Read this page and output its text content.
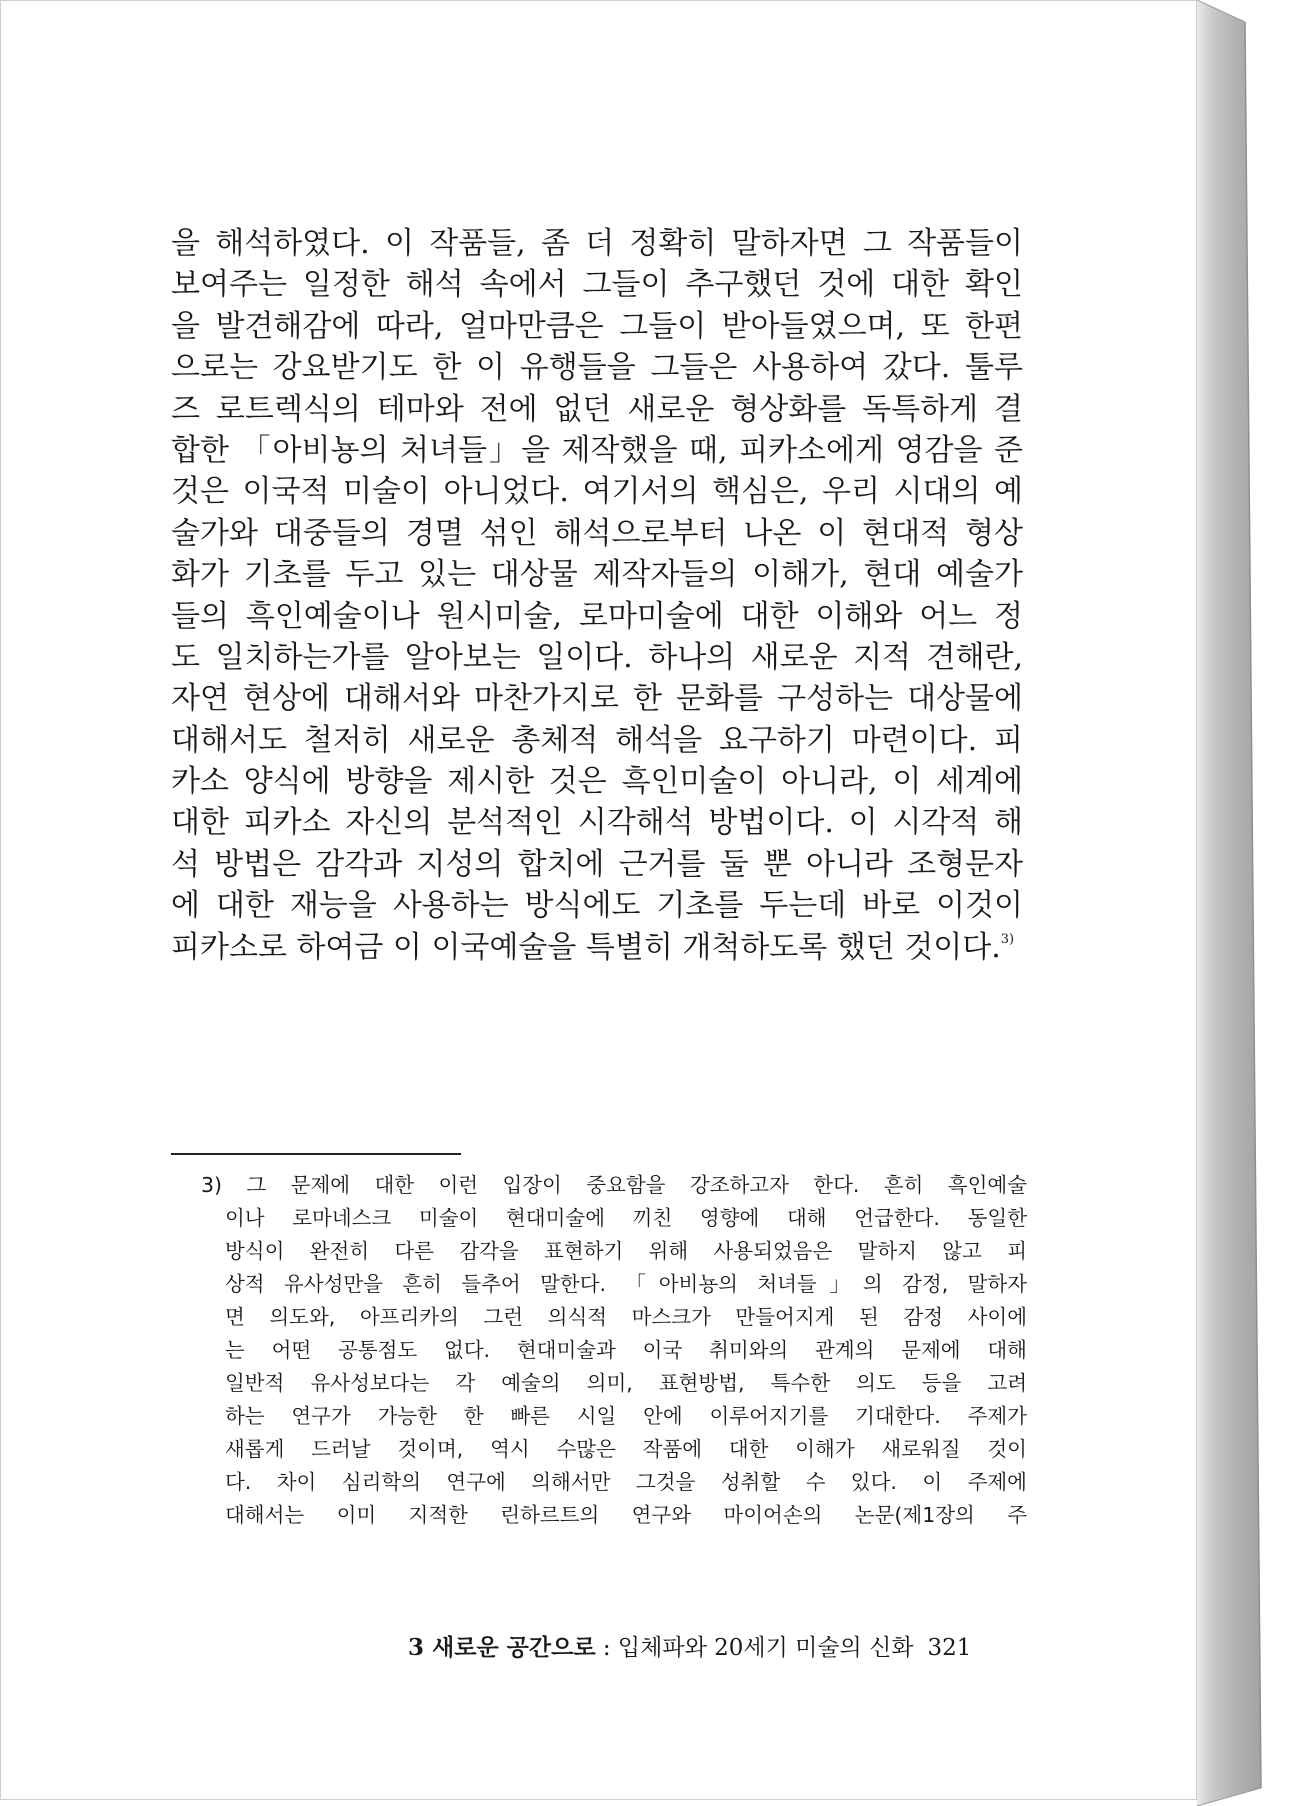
을 해석하였다. 이 작품들, 좀 더 정확히 말하자면 그 작품들이
보여주는 일정한 해석 속에서 그들이 추구했던 것에 대한 확인
을 발견해감에 따라, 얼마만큼은 그들이 받아들였으며, 또 한편
으로는 강요받기도 한 이 유행들을 그들은 사용하여 갔다. 툴루
즈 로트렉식의 테마와 전에 없던 새로운 형상화를 독특하게 결
합한 「아비뇽의 처녀들」을 제작했을 때, 피카소에게 영감을 준
것은 이국적 미술이 아니었다. 여기서의 핵심은, 우리 시대의 예
술가와 대중들의 경멸 섞인 해석으로부터 나온 이 현대적 형상
화가 기초를 두고 있는 대상물 제작자들의 이해가, 현대 예술가
들의 흑인예술이나 원시미술, 로마미술에 대한 이해와 어느 정
도 일치하는가를 알아보는 일이다. 하나의 새로운 지적 견해란,
자연 현상에 대해서와 마찬가지로 한 문화를 구성하는 대상물에
대해서도 철저히 새로운 총체적 해석을 요구하기 마련이다. 피
카소 양식에 방향을 제시한 것은 흑인미술이 아니라, 이 세계에
대한 피카소 자신의 분석적인 시각해석 방법이다. 이 시각적 해
석 방법은 감각과 지성의 합치에 근거를 둘 뿐 아니라 조형문자
에 대한 재능을 사용하는 방식에도 기초를 두는데 바로 이것이
피카소로 하여금 이 이국예술을 특별히 개척하도록 했던 것이다.$^{3)}$
3) 그 문제에 대한 이런 입장이 중요함을 강조하고자 한다. 흔히 흑인예술
이나 로마네스크 미술이 현대미술에 끼친 영향에 대해 언급한다. 동일한
방식이 완전히 다른 감각을 표현하기 위해 사용되었음은 말하지 않고 피
상적 유사성만을 흔히 들추어 말한다. 「아비뇽의 처녀들」의 감정, 말하자
면 의도와, 아프리카의 그런 의식적 마스크가 만들어지게 된 감정 사이에
는 어떤 공통점도 없다. 현대미술과 이국 취미와의 관계의 문제에 대해
일반적 유사성보다는 각 예술의 의미, 표현방법, 특수한 의도 등을 고려
하는 연구가 가능한 한 빠른 시일 안에 이루어지기를 기대한다. 주제가
새롭게 드러날 것이며, 역시 수많은 작품에 대한 이해가 새로워질 것이
다. 차이 심리학의 연구에 의해서만 그것을 성취할 수 있다. 이 주제에
대해서는 이미 지적한 린하르트의 연구와 마이어손의 논문(제1장의 주
3 새로운 공간으로 : 입체파와 20세기 미술의 신화 321
